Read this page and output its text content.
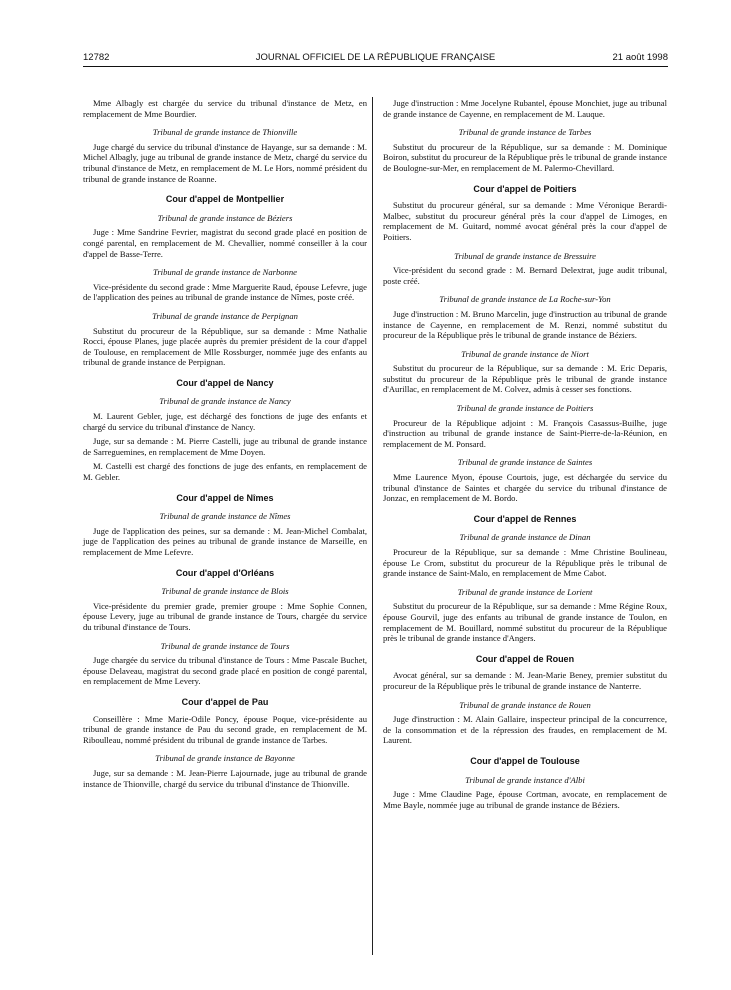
12782	JOURNAL OFFICIEL DE LA RÉPUBLIQUE FRANÇAISE	21 août 1998

Mme Albagly est chargée du service du tribunal d'instance de Metz, en remplacement de Mme Bourdier.

Tribunal de grande instance de Thionville

Juge chargé du service du tribunal d'instance de Hayange, sur sa demande : M. Michel Albagly, juge au tribunal de grande instance de Metz, chargé du service du tribunal d'instance de Metz, en remplacement de M. Le Hors, nommé président du tribunal de grande instance de Roanne.

Cour d'appel de Montpellier
Tribunal de grande instance de Béziers

Juge : Mme Sandrine Fevrier, magistrat du second grade placé en position de congé parental, en remplacement de M. Chevallier, nommé conseiller à la cour d'appel de Basse-Terre.

Tribunal de grande instance de Narbonne

Vice-présidente du second grade : Mme Marguerite Raud, épouse Lefevre, juge de l'application des peines au tribunal de grande instance de Nîmes, poste créé.

Tribunal de grande instance de Perpignan

Substitut du procureur de la République, sur sa demande : Mme Nathalie Rocci, épouse Planes, juge placée auprès du premier président de la cour d'appel de Toulouse, en remplacement de Mlle Rossburger, nommée juge des enfants au tribunal de grande instance de Perpignan.

Cour d'appel de Nancy
Tribunal de grande instance de Nancy

M. Laurent Gebler, juge, est déchargé des fonctions de juge des enfants et chargé du service du tribunal d'instance de Nancy.

Juge, sur sa demande : M. Pierre Castelli, juge au tribunal de grande instance de Sarreguemines, en remplacement de Mme Doyen.

M. Castelli est chargé des fonctions de juge des enfants, en remplacement de M. Gebler.

Cour d'appel de Nîmes
Tribunal de grande instance de Nîmes

Juge de l'application des peines, sur sa demande : M. Jean-Michel Combalat, juge de l'application des peines au tribunal de grande instance de Marseille, en remplacement de Mme Lefevre.

Cour d'appel d'Orléans
Tribunal de grande instance de Blois

Vice-présidente du premier grade, premier groupe : Mme Sophie Connen, épouse Levery, juge au tribunal de grande instance de Tours, chargée du service du tribunal d'instance de Tours.

Tribunal de grande instance de Tours

Juge chargée du service du tribunal d'instance de Tours : Mme Pascale Buchet, épouse Delaveau, magistrat du second grade placé en position de congé parental, en remplacement de Mme Levery.

Cour d'appel de Pau

Conseillère : Mme Marie-Odile Poncy, épouse Poque, vice-présidente au tribunal de grande instance de Pau du second grade, en remplacement de M. Riboulleau, nommé président du tribunal de grande instance de Tarbes.

Tribunal de grande instance de Bayonne

Juge, sur sa demande : M. Jean-Pierre Lajournade, juge au tribunal de grande instance de Thionville, chargé du service du tribunal d'instance de Thionville.

Juge d'instruction : Mme Jocelyne Rubantel, épouse Monchiet, juge au tribunal de grande instance de Cayenne, en remplacement de M. Lauque.

Tribunal de grande instance de Tarbes

Substitut du procureur de la République, sur sa demande : M. Dominique Boiron, substitut du procureur de la République près le tribunal de grande instance de Boulogne-sur-Mer, en remplacement de M. Palermo-Chevillard.

Cour d'appel de Poitiers

Substitut du procureur général, sur sa demande : Mme Véronique Berardi-Malbec, substitut du procureur général près la cour d'appel de Limoges, en remplacement de M. Guitard, nommé avocat général près la cour d'appel de Poitiers.

Tribunal de grande instance de Bressuire

Vice-président du second grade : M. Bernard Delextrat, juge audit tribunal, poste créé.

Tribunal de grande instance de La Roche-sur-Yon

Juge d'instruction : M. Bruno Marcelin, juge d'instruction au tribunal de grande instance de Cayenne, en remplacement de M. Renzi, nommé substitut du procureur de la République près le tribunal de grande instance de Béziers.

Tribunal de grande instance de Niort

Substitut du procureur de la République, sur sa demande : M. Eric Deparis, substitut du procureur de la République près le tribunal de grande instance d'Aurillac, en remplacement de M. Colvez, admis à cesser ses fonctions.

Tribunal de grande instance de Poitiers

Procureur de la République adjoint : M. François Casassus-Builhe, juge d'instruction au tribunal de grande instance de Saint-Pierre-de-la-Réunion, en remplacement de M. Ponsard.

Tribunal de grande instance de Saintes

Mme Laurence Myon, épouse Courtois, juge, est déchargée du service du tribunal d'instance de Saintes et chargée du service du tribunal d'instance de Jonzac, en remplacement de M. Bordo.

Cour d'appel de Rennes
Tribunal de grande instance de Dinan

Procureur de la République, sur sa demande : Mme Christine Boulineau, épouse Le Crom, substitut du procureur de la République près le tribunal de grande instance de Saint-Malo, en remplacement de Mme Cabot.

Tribunal de grande instance de Lorient

Substitut du procureur de la République, sur sa demande : Mme Régine Roux, épouse Gourvil, juge des enfants au tribunal de grande instance de Toulon, en remplacement de M. Bouillard, nommé substitut du procureur de la République près le tribunal de grande instance d'Angers.

Cour d'appel de Rouen

Avocat général, sur sa demande : M. Jean-Marie Beney, premier substitut du procureur de la République près le tribunal de grande instance de Nanterre.

Tribunal de grande instance de Rouen

Juge d'instruction : M. Alain Gallaire, inspecteur principal de la concurrence, de la consommation et de la répression des fraudes, en remplacement de M. Laurent.

Cour d'appel de Toulouse
Tribunal de grande instance d'Albi

Juge : Mme Claudine Page, épouse Cortman, avocate, en remplacement de Mme Bayle, nommée juge au tribunal de grande instance de Béziers.
